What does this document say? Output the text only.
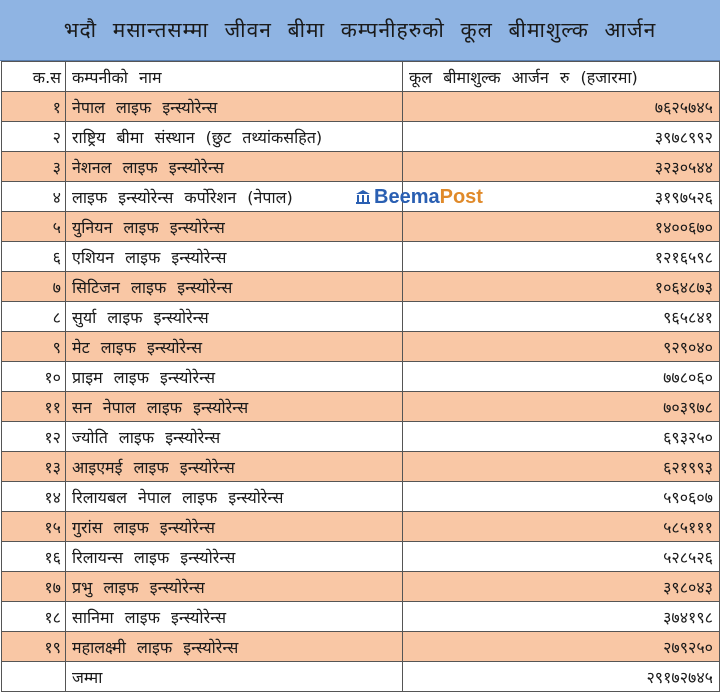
भदौ मसान्तसम्मा जीवन बीमा कम्पनीहरुको कूल बीमाशुल्क आर्जन
क.स	कम्पनीको नाम	कूल बीमाशुल्क आर्जन रु (हजारमा)
१	नेपाल लाइफ इन्स्योरेन्स	७६२५७४५
२	राष्ट्रिय बीमा संस्थान (छुट तथ्यांकसहित)	३९७८९९२
३	नेशनल लाइफ इन्स्योरेन्स	३२३०५४४
४	लाइफ इन्स्योरेन्स कर्पोरेशन (नेपाल)	३१९७५२६
५	युनियन लाइफ इन्स्योरेन्स	१४००६७०
६	एशियन लाइफ इन्स्योरेन्स	१२१६५९८
७	सिटिजन लाइफ इन्स्योरेन्स	१०६४८७३
८	सुर्या लाइफ इन्स्योरेन्स	९६५८४१
९	मेट लाइफ इन्स्योरेन्स	९२९०४०
१०	प्राइम लाइफ इन्स्योरेन्स	७७८०६०
११	सन नेपाल लाइफ इन्स्योरेन्स	७०३९७८
१२	ज्योति लाइफ इन्स्योरेन्स	६९३२५०
१३	आइएमई लाइफ इन्स्योरेन्स	६२१९९३
१४	रिलायबल नेपाल लाइफ इन्स्योरेन्स	५९०६०७
१५	गुरांस लाइफ इन्स्योरेन्स	५८५१११
१६	रिलायन्स लाइफ इन्स्योरेन्स	५२८५२६
१७	प्रभु लाइफ इन्स्योरेन्स	३९८०४३
१८	सानिमा लाइफ इन्स्योरेन्स	३७४१९८
१९	महालक्ष्मी लाइफ इन्स्योरेन्स	२७९२५०
	जम्मा	२९१७२७४५
Beema Post
